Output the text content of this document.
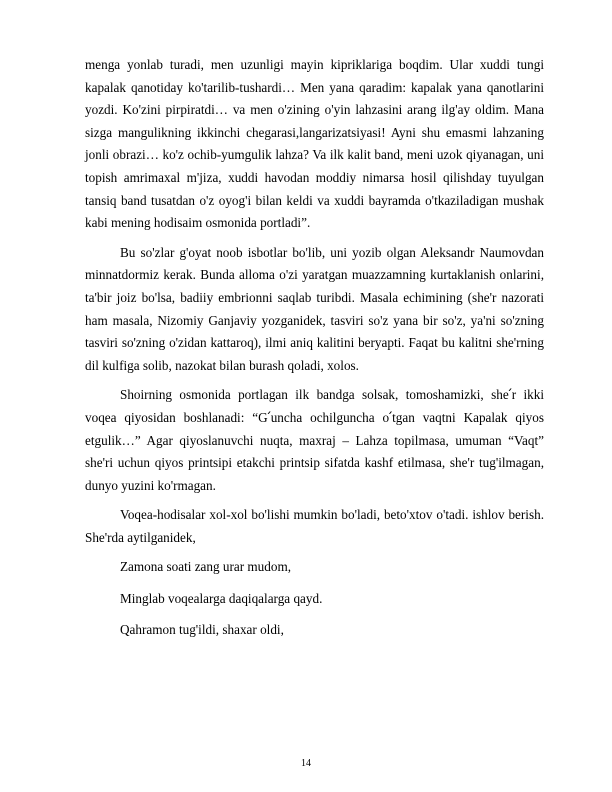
menga yonlab turadi, men uzunligi mayin kipriklariga boqdim. Ular xuddi tungi kapalak qanotiday ko'tarilib-tushardi… Men yana qaradim: kapalak yana qanotlarini yozdi. Ko'zini pirpiratdi… va men o'zining o'yin lahzasini arang ilg'ay oldim. Mana sizga mangulikning ikkinchi chegarasi,langarizatsiyasi! Ayni shu emasmi lahzaning jonli obrazi… ko'z ochib-yumgulik lahza? Va ilk kalit band, meni uzok qiyanagan, uni topish amrimaxal m'jiza, xuddi havodan moddiy nimarsa hosil qilishday tuyulgan tansiq band tusatdan o'z oyog'i bilan keldi va xuddi bayramda o'tkaziladigan mushak kabi mening hodisaim osmonida portladi”.

Bu so'zlar g'oyat noob isbotlar bo'lib, uni yozib olgan Aleksandr Naumovdan minnatdormiz kerak. Bunda alloma o'zi yaratgan muazzamning kurtaklanish onlarini, ta'bir joiz bo'lsa, badiiy embrionni saqlab turibdi. Masala echimining (she'r nazorati ham masala, Nizomiy Ganjaviy yozganidek, tasviri so'z yana bir so'z, ya'ni so'zning tasviri so'zning o'zidan kattaroq), ilmi aniq kalitini beryapti. Faqat bu kalitni she'rning dil kulfiga solib, nazokat bilan burash qoladi, xolos.

Shoirning osmonida portlagan ilk bandga solsak, tomoshamizki, she՛r ikki voqea qiyosidan boshlanadi: “G՛uncha ochilguncha o՛tgan vaqtni Kapalak qiyos etgulik…” Agar qiyoslanuvchi nuqta, maxraj – Lahza topilmasa, umuman “Vaqt” she'ri uchun qiyos printsipi etakchi printsip sifatda kashf etilmasa, she'r tug'ilmagan, dunyo yuzini ko'rmagan.

Voqea-hodisalar xol-xol bo'lishi mumkin bo'ladi, beto'xtov o'tadi. ishlov berish. She'rda aytilganidek,

Zamona soati zang urar mudom,

Minglab voqealarga daqiqalarga qayd.

Qahramon tug'ildi, shaxar oldi,

14
